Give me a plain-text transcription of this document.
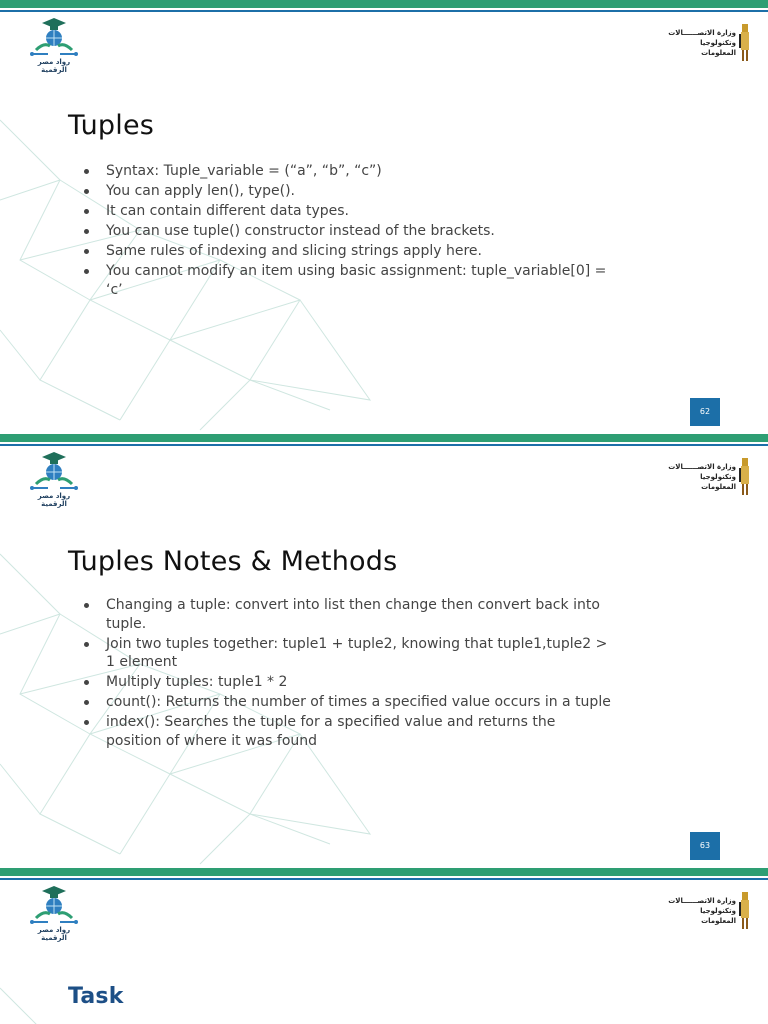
رواد مصر الرقمية
وزارة الاتصــــــالات
وتكنولوجيا المعلومات
Tuples
Syntax: Tuple_variable = (“a”, “b”, “c”)
You can apply len(), type().
It can contain different data types.
You can use tuple() constructor instead of the brackets.
Same rules of indexing and slicing strings apply here.
You cannot modify an item using basic assignment: tuple_variable[0] = ‘c’
62
رواد مصر الرقمية
وزارة الاتصــــــالات
وتكنولوجيا المعلومات
Tuples Notes & Methods
Changing a tuple: convert into list then change then convert back into tuple.
Join two tuples together: tuple1 + tuple2, knowing that tuple1,tuple2 > 1 element
Multiply tuples: tuple1 * 2
count(): Returns the number of times a specified value occurs in a tuple
index(): Searches the tuple for a specified value and returns the position of where it was found
63
رواد مصر الرقمية
وزارة الاتصــــــالات
وتكنولوجيا المعلومات
Task
